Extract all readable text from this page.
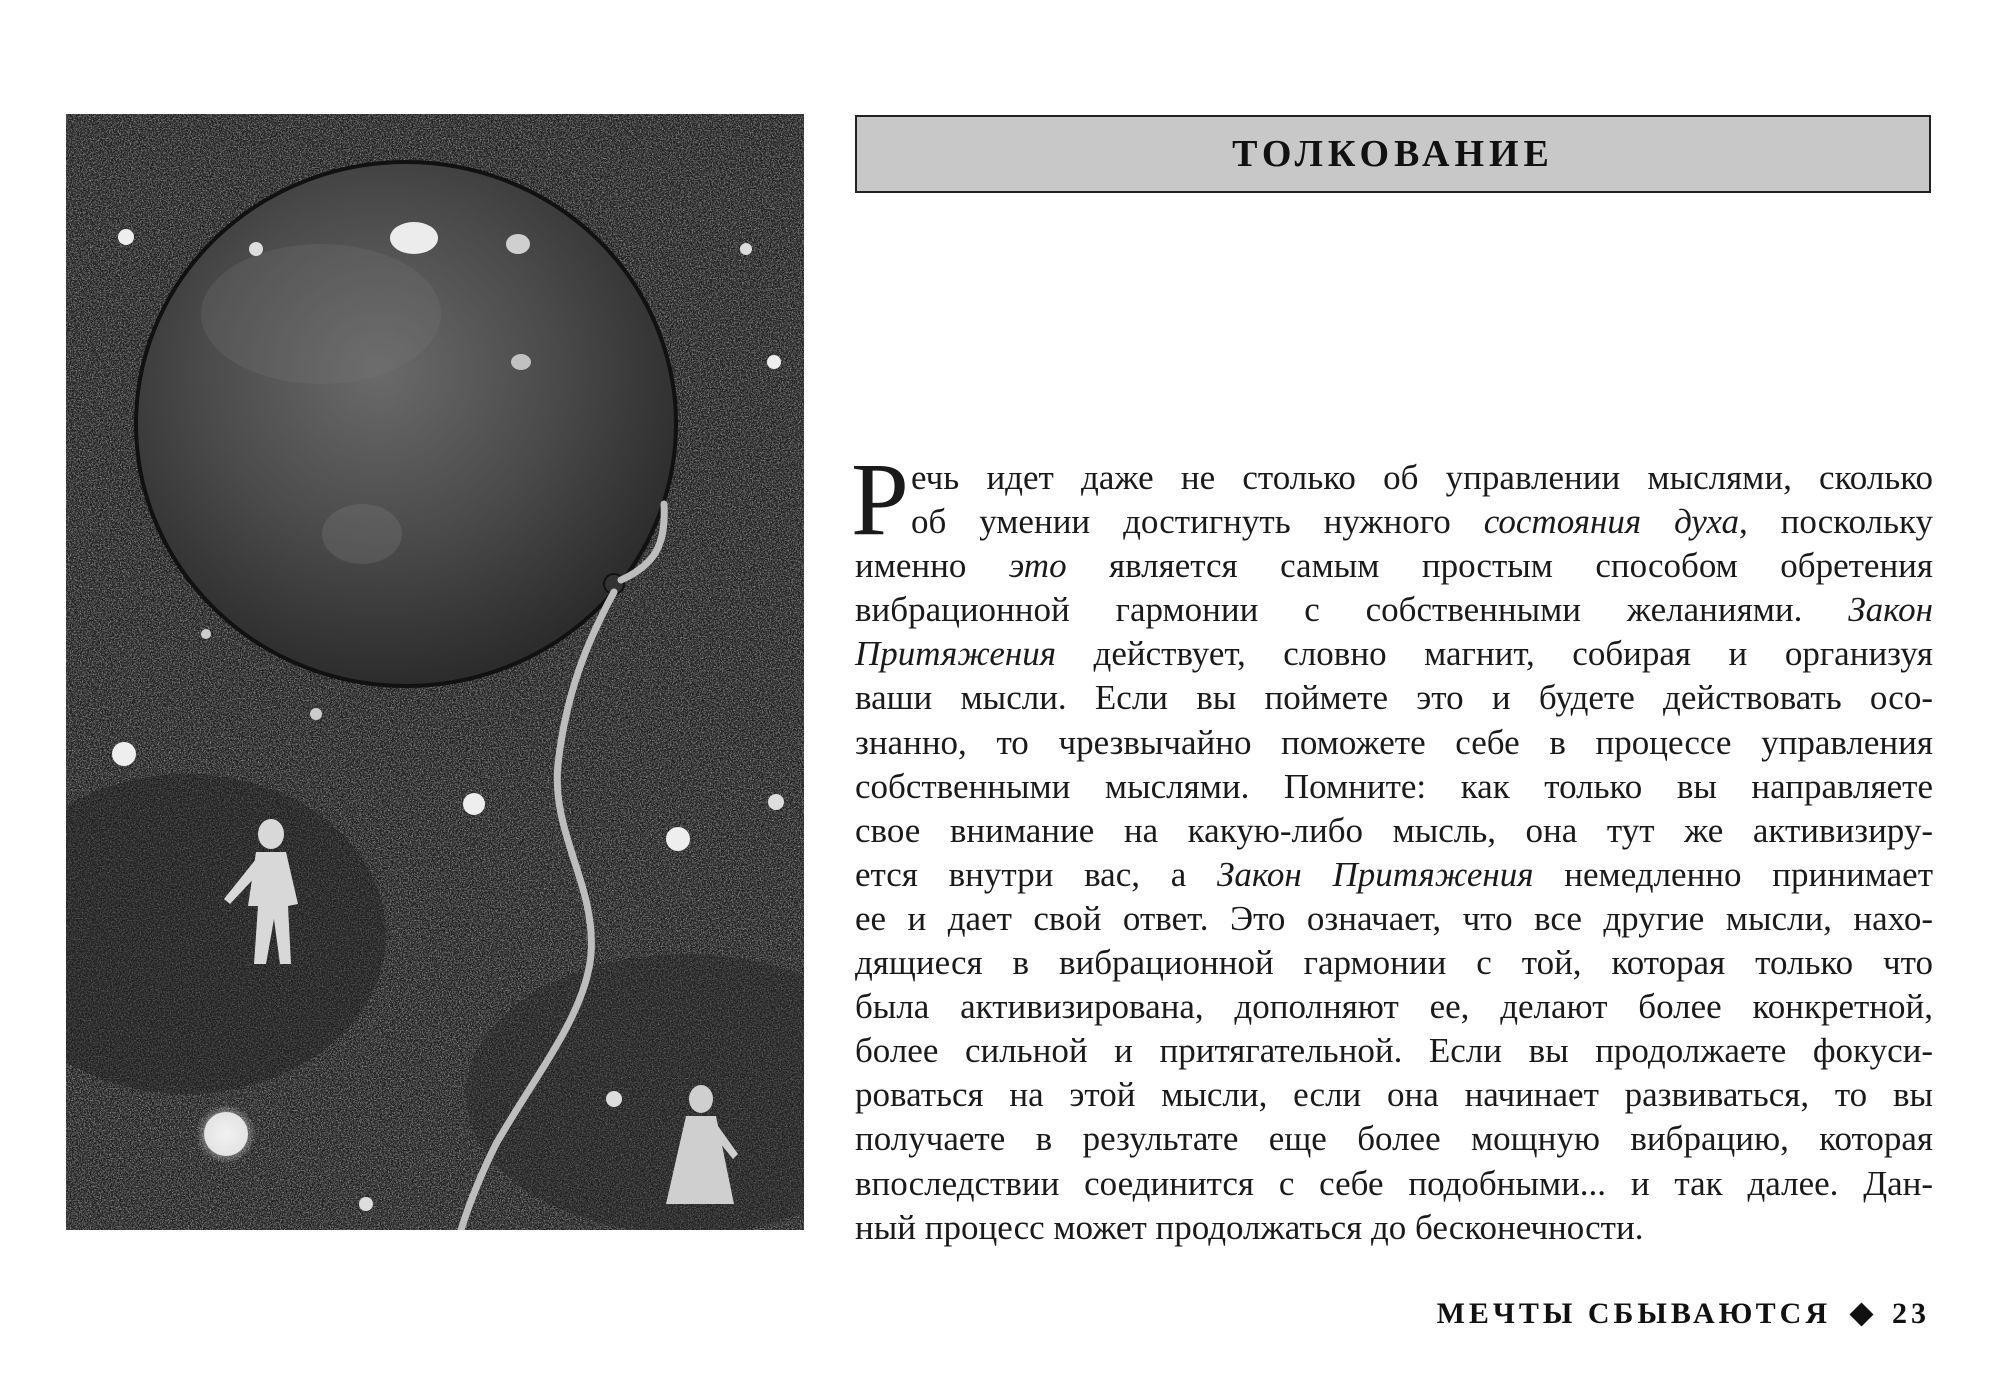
ТОЛКОВАНИЕ
Р ечь идет даже не столько об управлении мыслями, сколько
об умении достигнуть нужного состояния духа, поскольку
именно это является самым простым способом обретения
вибрационной гармонии с собственными желаниями. Закон
Притяжения действует, словно магнит, собирая и организуя
ваши мысли. Если вы поймете это и будете действовать осо-
знанно, то чрезвычайно поможете себе в процессе управления
собственными мыслями. Помните: как только вы направляете
свое внимание на какую-либо мысль, она тут же активизиру-
ется внутри вас, а Закон Притяжения немедленно принимает
ее и дает свой ответ. Это означает, что все другие мысли, нахо-
дящиеся в вибрационной гармонии с той, которая только что
была активизирована, дополняют ее, делают более конкретной,
более сильной и притягательной. Если вы продолжаете фокуси-
роваться на этой мысли, если она начинает развиваться, то вы
получаете в результате еще более мощную вибрацию, которая
впоследствии соединится с себе подобными... и так далее. Дан-
ный процесс может продолжаться до бесконечности.
МЕЧТЫ СБЫВАЮТСЯ 23
